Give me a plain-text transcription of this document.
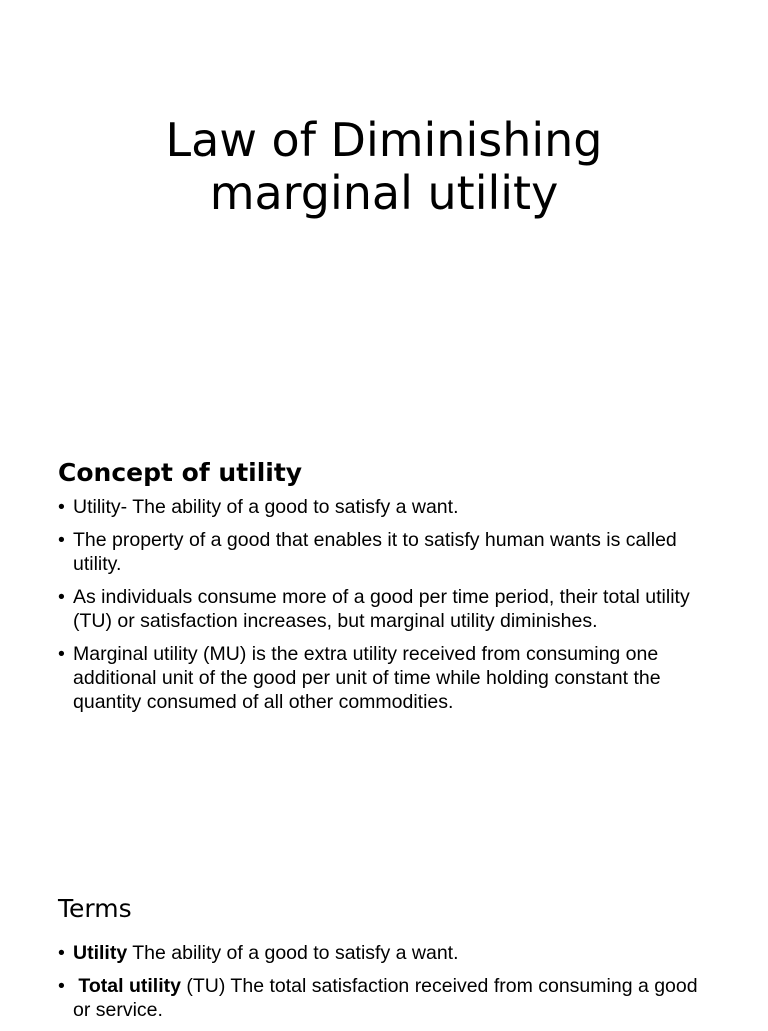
Law of Diminishing
marginal utility
Concept of utility
• Utility- The ability of a good to satisfy a want.
• The property of a good that enables it to satisfy human wants is called utility.
• As individuals consume more of a good per time period, their total utility (TU) or satisfaction increases, but marginal utility diminishes.
• Marginal utility (MU) is the extra utility received from consuming one additional unit of the good per unit of time while holding constant the quantity consumed of all other commodities.
Terms
• Utility The ability of a good to satisfy a want.
• Total utility (TU) The total satisfaction received from consuming a good or service.
